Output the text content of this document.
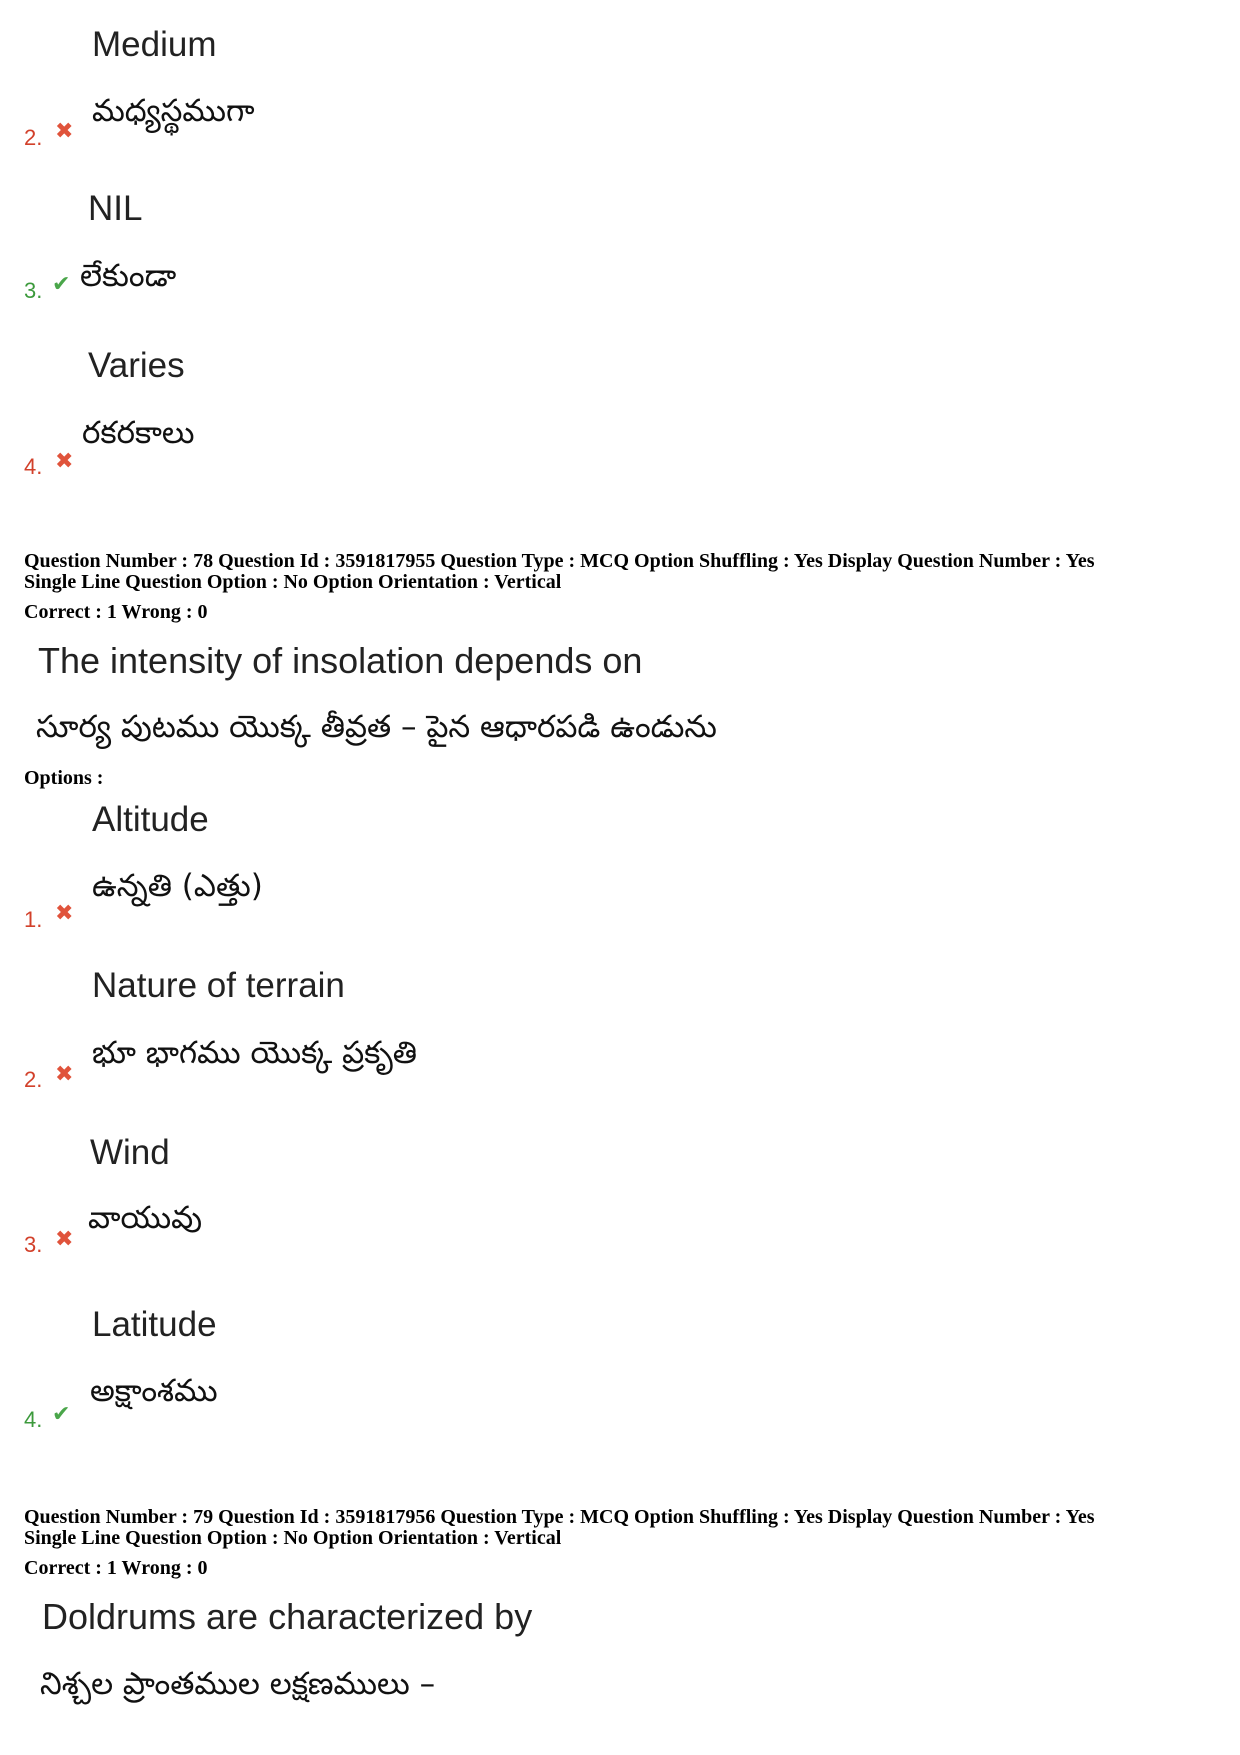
Medium
మధ్యస్థముగా
2. ✖
NIL
లేకుండా
3. ✔
Varies
రకరకాలు
4. ✖
Question Number : 78 Question Id : 3591817955 Question Type : MCQ Option Shuffling : Yes Display Question Number : Yes
Single Line Question Option : No Option Orientation : Vertical
Correct : 1 Wrong : 0
The intensity of insolation depends on
సూర్య పుటము యొక్క తీవ్రత – పైన ఆధారపడి ఉండును
Options :
Altitude
ఉన్నతి (ఎత్తు)
1. ✖
Nature of terrain
భూ భాగము యొక్క ప్రకృతి
2. ✖
Wind
వాయువు
3. ✖
Latitude
అక్షాంశము
4. ✔
Question Number : 79 Question Id : 3591817956 Question Type : MCQ Option Shuffling : Yes Display Question Number : Yes
Single Line Question Option : No Option Orientation : Vertical
Correct : 1 Wrong : 0
Doldrums are characterized by
నిశ్చల ప్రాంతముల లక్షణములు –
